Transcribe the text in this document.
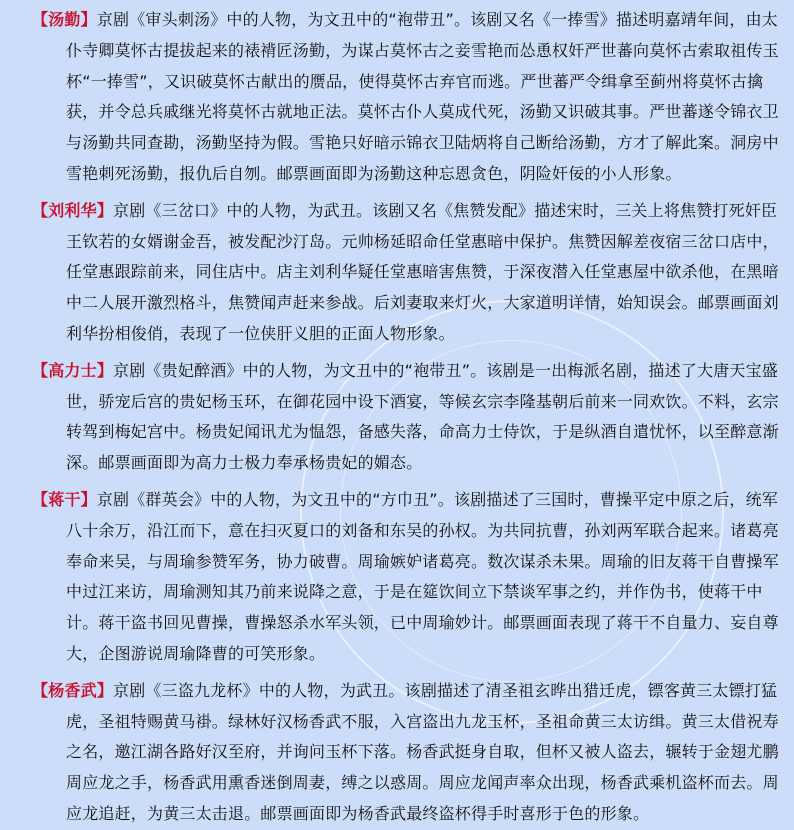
【汤勤】京剧《审头刺汤》中的人物，为文丑中的“袍带丑”。该剧又名《一捧雪》描述明嘉靖年间，由太仆寺卿莫怀古提拔起来的裱褙匠汤勤，为谋占莫怀古之妾雪艳而怂恿权奸严世蕃向莫怀古索取祖传玉杯“一捧雪”，又识破莫怀古献出的赝品，使得莫怀古弃官而逃。严世蕃严令缉拿至蓟州将莫怀古擒获，并令总兵戚继光将莫怀古就地正法。莫怀古仆人莫成代死，汤勤又识破其事。严世蕃遂令锦衣卫与汤勤共同查勘，汤勤坚持为假。雪艳只好暗示锦衣卫陆炳将自己断给汤勤，方才了解此案。洞房中雪艳刺死汤勤，报仇后自刎。邮票画面即为汤勤这种忘恩贪色，阴险奸佞的小人形象。

【刘利华】京剧《三岔口》中的人物，为武丑。该剧又名《焦赞发配》描述宋时，三关上将焦赞打死奸臣王钦若的女婿谢金吾，被发配沙汀岛。元帅杨延昭命任堂惠暗中保护。焦赞因解差夜宿三岔口店中，任堂惠跟踪前来，同住店中。店主刘利华疑任堂惠暗害焦赞，于深夜潜入任堂惠屋中欲杀他，在黑暗中二人展开激烈格斗，焦赞闻声赶来参战。后刘妻取来灯火，大家道明详情，始知误会。邮票画面刘利华扮相俊俏，表现了一位侠肝义胆的正面人物形象。

【高力士】京剧《贵妃醉酒》中的人物，为文丑中的“袍带丑”。该剧是一出梅派名剧，描述了大唐天宝盛世，骄宠后宫的贵妃杨玉环，在御花园中设下酒宴，等候玄宗李隆基朝后前来一同欢饮。不料，玄宗转驾到梅妃宫中。杨贵妃闻讯尤为愠怨，备感失落，命高力士侍饮，于是纵酒自遣忧怀，以至醉意渐深。邮票画面即为高力士极力奉承杨贵妃的媚态。

【蒋干】京剧《群英会》中的人物，为文丑中的“方巾丑”。该剧描述了三国时，曹操平定中原之后，统军八十余万，沿江而下，意在扫灭夏口的刘备和东吴的孙权。为共同抗曹，孙刘两军联合起来。诸葛亮奉命来吴，与周瑜参赞军务，协力破曹。周瑜嫉妒诸葛亮。数次谋杀未果。周瑜的旧友蒋干自曹操军中过江来访，周瑜测知其乃前来说降之意，于是在筵饮间立下禁谈军事之约，并作伪书，使蒋干中计。蒋干盗书回见曹操，曹操怒杀水军头领，已中周瑜妙计。邮票画面表现了蒋干不自量力、妄自尊大，企图游说周瑜降曹的可笑形象。

【杨香武】京剧《三盗九龙杯》中的人物，为武丑。该剧描述了清圣祖玄晔出猎迁虎，镖客黄三太镖打猛虎，圣祖特赐黄马褂。绿林好汉杨香武不服，入宫盗出九龙玉杯，圣祖命黄三太访缉。黄三太借祝寿之名，邀江湖各路好汉至府，并询问玉杯下落。杨香武挺身自取，但杯又被人盗去，辗转于金翅尤鹏周应龙之手，杨香武用熏香迷倒周妻，缚之以惑周。周应龙闻声率众出现，杨香武乘机盗杯而去。周应龙追赶，为黄三太击退。邮票画面即为杨香武最终盗杯得手时喜形于色的形象。
